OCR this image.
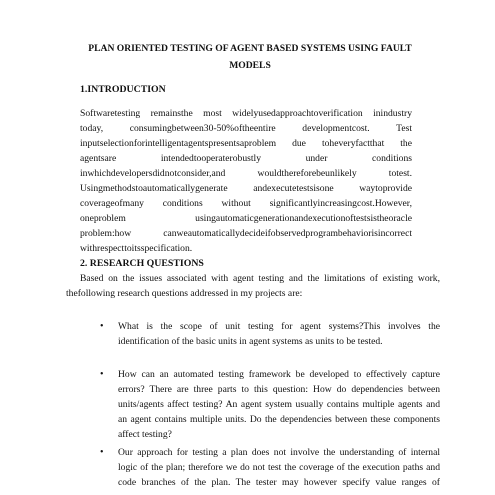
PLAN ORIENTED TESTING OF AGENT BASED SYSTEMS USING FAULT
MODELS
1.INTRODUCTION
Softwaretesting remainsthe most widelyusedapproachtoverification inindustry
today, consumingbetween30-50%oftheentire developmentcost. Test
inputselectionforintelligentagentspresentsaproblem due toheveryfactthat the
agentsare intendedtooperaterobustly under conditions
inwhichdevelopersdidnotconsider,and wouldthereforebeunlikely totest.
Usingmethodstoautomaticallygenerate andexecutetestsisone waytoprovide
coverageofmany conditions without significantlyincreasingcost.However,
oneproblem usingautomaticgenerationandexecutionoftestsistheoracle
problem:how canweautomaticallydecideifobservedprogrambehaviorisincorrect
withrespecttoitsspecification.
2. RESEARCH QUESTIONS
Based on the issues associated with agent testing and the limitations of existing work,
thefollowing research questions addressed in my projects are:
• What is the scope of unit testing for agent systems?This involves the
identification of the basic units in agent systems as units to be tested.
• How can an automated testing framework be developed to effectively capture
errors? There are three parts to this question: How do dependencies between
units/agents affect testing? An agent system usually contains multiple agents and
an agent contains multiple units. Do the dependencies between these components
affect testing?
• Our approach for testing a plan does not involve the understanding of internal
logic of the plan; therefore we do not test the coverage of the execution paths and
code branches of the plan. The tester may however specify value ranges of
